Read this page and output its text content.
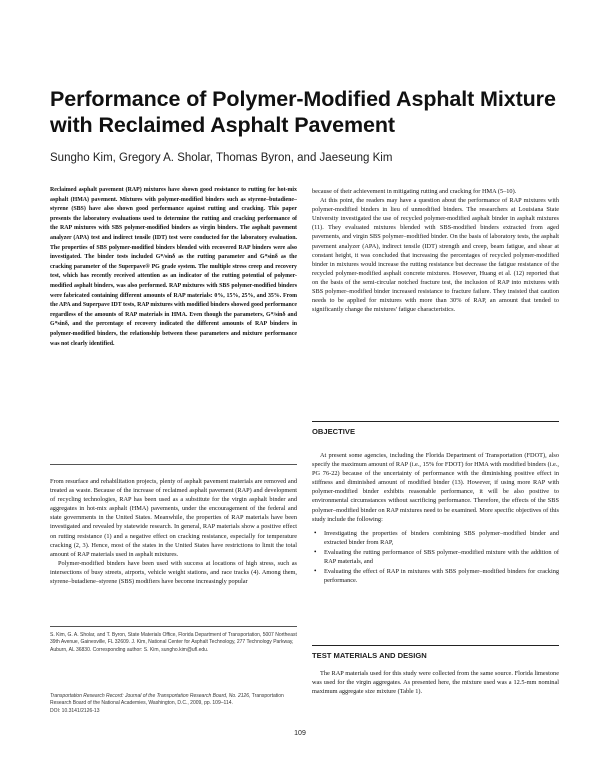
Performance of Polymer-Modified Asphalt Mixture with Reclaimed Asphalt Pavement
Sungho Kim, Gregory A. Sholar, Thomas Byron, and Jaeseung Kim

Reclaimed asphalt pavement (RAP) mixtures have shown good resistance to rutting for hot-mix asphalt (HMA) pavement. Mixtures with polymer-modified binders such as styrene–butadiene–styrene (SBS) have also shown good performance against rutting and cracking. This paper presents the laboratory evaluations used to determine the rutting and cracking performance of the RAP mixtures with SBS polymer-modified binders as virgin binders. The asphalt pavement analyzer (APA) test and indirect tensile (IDT) test were conducted for the laboratory evaluation. The properties of SBS polymer-modified binders blended with recovered RAP binders were also investigated. The binder tests included G*/sinδ as the rutting parameter and G*sinδ as the cracking parameter of the Superpave® PG grade system. The multiple stress creep and recovery test, which has recently received attention as an indicator of the rutting potential of polymer-modified asphalt binders, was also performed. RAP mixtures with SBS polymer-modified binders were fabricated containing different amounts of RAP materials: 0%, 15%, 25%, and 35%. From the APA and Superpave IDT tests, RAP mixtures with modified binders showed good performance regardless of the amounts of RAP materials in HMA. Even though the parameters, G*/sinδ and G*sinδ, and the percentage of recovery indicated the different amounts of RAP binders in polymer-modified binders, the relationship between these parameters and mixture performance was not clearly identified.

From resurface and rehabilitation projects, plenty of asphalt pavement materials are removed and treated as waste. Because of the increase of reclaimed asphalt pavement (RAP) and development of recycling technologies, RAP has been used as a substitute for the virgin asphalt binder and aggregates in hot-mix asphalt (HMA) pavements, under the encouragement of the federal and state governments in the United States. Meanwhile, the properties of RAP materials have been investigated and revealed by statewide research. In general, RAP materials show a positive effect on rutting resistance (1) and a negative effect on cracking resistance, especially for temperature cracking (2, 3). Hence, most of the states in the United States have restrictions to limit the total amount of RAP materials used in asphalt mixtures.

Polymer-modified binders have been used with success at locations of high stress, such as intersections of busy streets, airports, vehicle weight stations, and race tracks (4). Among them, styrene–butadiene–styrene (SBS) modifiers have become increasingly popular

S. Kim, G. A. Sholar, and T. Byron, State Materials Office, Florida Department of Transportation, 5007 Northeast 39th Avenue, Gainesville, FL 32609. J. Kim, National Center for Asphalt Technology, 277 Technology Parkway, Auburn, AL 36830. Corresponding author: S. Kim, sungho.kim@ufl.edu.

Transportation Research Record: Journal of the Transportation Research Board, No. 2126, Transportation Research Board of the National Academies, Washington, D.C., 2009, pp. 109–114.
DOI: 10.3141/2126-13

because of their achievement in mitigating rutting and cracking for HMA (5–10).

At this point, the readers may have a question about the performance of RAP mixtures with polymer-modified binders in lieu of unmodified binders. The researchers at Louisiana State University investigated the use of recycled polymer-modified asphalt binder in asphalt mixtures (11). They evaluated mixtures blended with SBS-modified binders extracted from aged pavements, and virgin SBS polymer–modified binder. On the basis of laboratory tests, the asphalt pavement analyzer (APA), indirect tensile (IDT) strength and creep, beam fatigue, and shear at constant height, it was concluded that increasing the percentages of recycled polymer-modified binder in mixtures would increase the rutting resistance but decrease the fatigue resistance of the recycled polymer-modified asphalt concrete mixtures. However, Huang et al. (12) reported that on the basis of the semi-circular notched fracture test, the inclusion of RAP into mixtures with SBS polymer–modified binder increased resistance to fracture failure. They insisted that caution needs to be applied for mixtures with more than 30% of RAP, an amount that tended to significantly change the mixtures' fatigue characteristics.

OBJECTIVE

At present some agencies, including the Florida Department of Transportation (FDOT), also specify the maximum amount of RAP (i.e., 15% for FDOT) for HMA with modified binders (i.e., PG 76-22) because of the uncertainty of performance with the diminishing positive effect in stiffness and diminished amount of modified binder (13). However, if using more RAP with polymer-modified binder exhibits reasonable performance, it will be also positive to environmental circumstances without sacrificing performance. Therefore, the effects of the SBS polymer–modified binder on RAP mixtures need to be examined. More specific objectives of this study include the following:

• Investigating the properties of binders combining SBS polymer–modified binder and extracted binder from RAP,
• Evaluating the rutting performance of SBS polymer–modified mixture with the addition of RAP materials, and
• Evaluating the effect of RAP in mixtures with SBS polymer–modified binders for cracking performance.
TEST MATERIALS AND DESIGN

The RAP materials used for this study were collected from the same source. Florida limestone was used for the virgin aggregates. As presented here, the mixture used was a 12.5-mm nominal maximum aggregate size mixture (Table 1).

109
